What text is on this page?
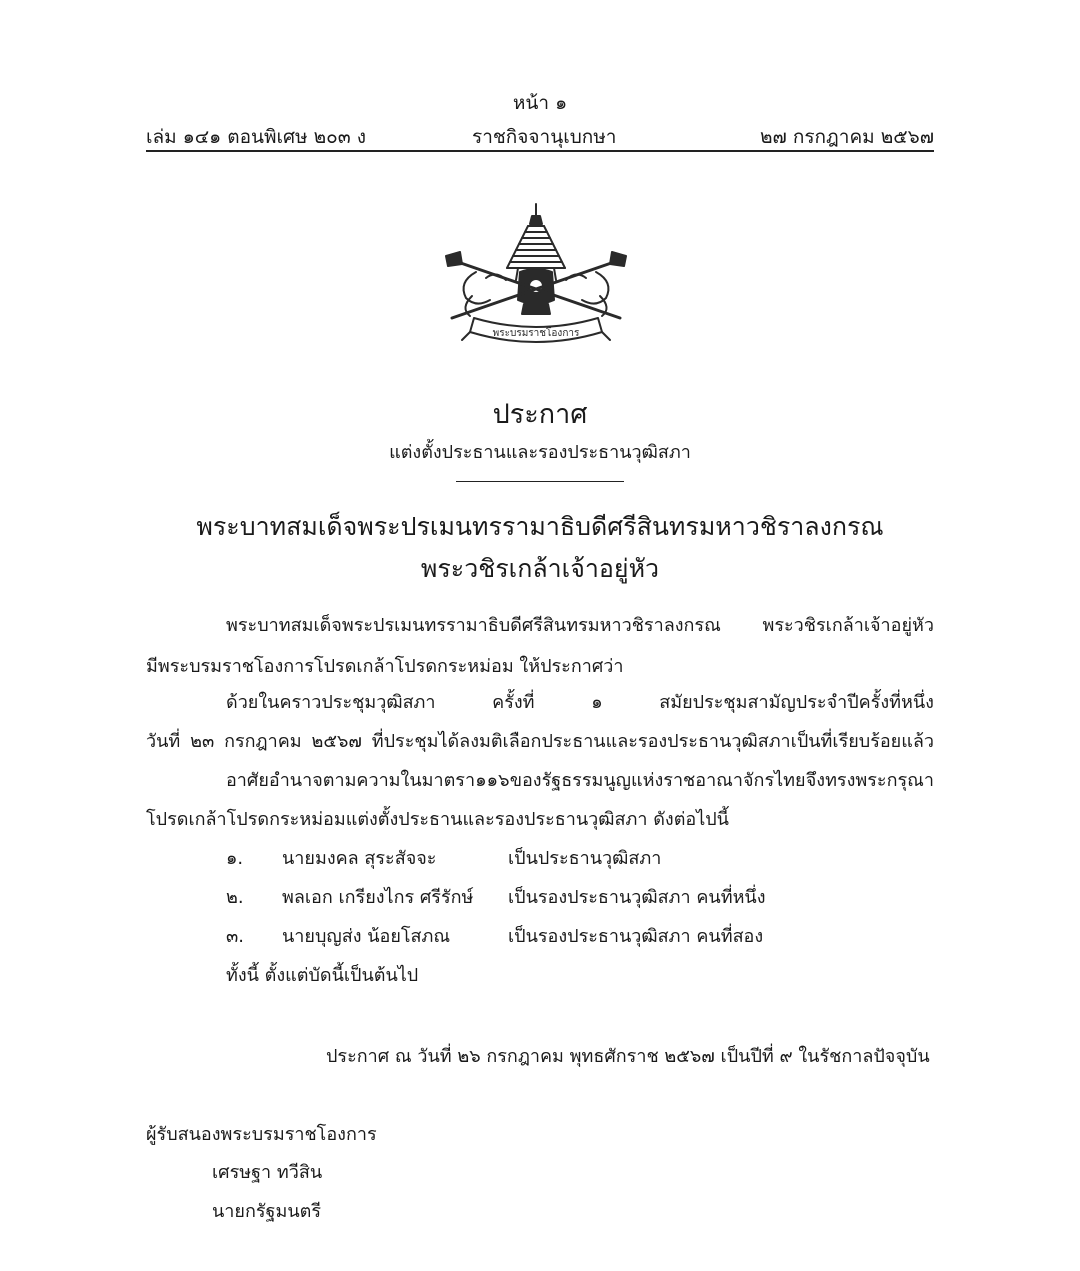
หน้า ๑
เล่ม ๑๔๑ ตอนพิเศษ ๒๐๓ ง	ราชกิจจานุเบกษา	๒๗ กรกฎาคม ๒๕๖๗
พระบรมราชโองการ
ประกาศ
แต่งตั้งประธานและรองประธานวุฒิสภา
พระบาทสมเด็จพระปรเมนทรรามาธิบดีศรีสินทรมหาวชิราลงกรณ
พระวชิรเกล้าเจ้าอยู่หัว
พระบาทสมเด็จพระปรเมนทรรามาธิบดีศรีสินทรมหาวชิราลงกรณ พระวชิรเกล้าเจ้าอยู่หัว
มีพระบรมราชโองการโปรดเกล้าโปรดกระหม่อม ให้ประกาศว่า
ด้วยในคราวประชุมวุฒิสภา	ครั้งที่	๑	สมัยประชุมสามัญประจำปีครั้งที่หนึ่ง
วันที่ ๒๓ กรกฎาคม ๒๕๖๗ ที่ประชุมได้ลงมติเลือกประธานและรองประธานวุฒิสภาเป็นที่เรียบร้อยแล้ว
อาศัยอำนาจตามความในมาตรา ๑๑๖ ของรัฐธรรมนูญแห่งราชอาณาจักรไทย จึงทรงพระกรุณา
โปรดเกล้าโปรดกระหม่อมแต่งตั้งประธานและรองประธานวุฒิสภา ดังต่อไปนี้
๑. นายมงคล สุระสัจจะ	เป็นประธานวุฒิสภา
๒. พลเอก เกรียงไกร ศรีรักษ์ เป็นรองประธานวุฒิสภา คนที่หนึ่ง
๓. นายบุญส่ง น้อยโสภณ	เป็นรองประธานวุฒิสภา คนที่สอง
ทั้งนี้ ตั้งแต่บัดนี้เป็นต้นไป
ประกาศ ณ วันที่ ๒๖ กรกฎาคม พุทธศักราช ๒๕๖๗ เป็นปีที่ ๙ ในรัชกาลปัจจุบัน
ผู้รับสนองพระบรมราชโองการ
เศรษฐา ทวีสิน
นายกรัฐมนตรี
